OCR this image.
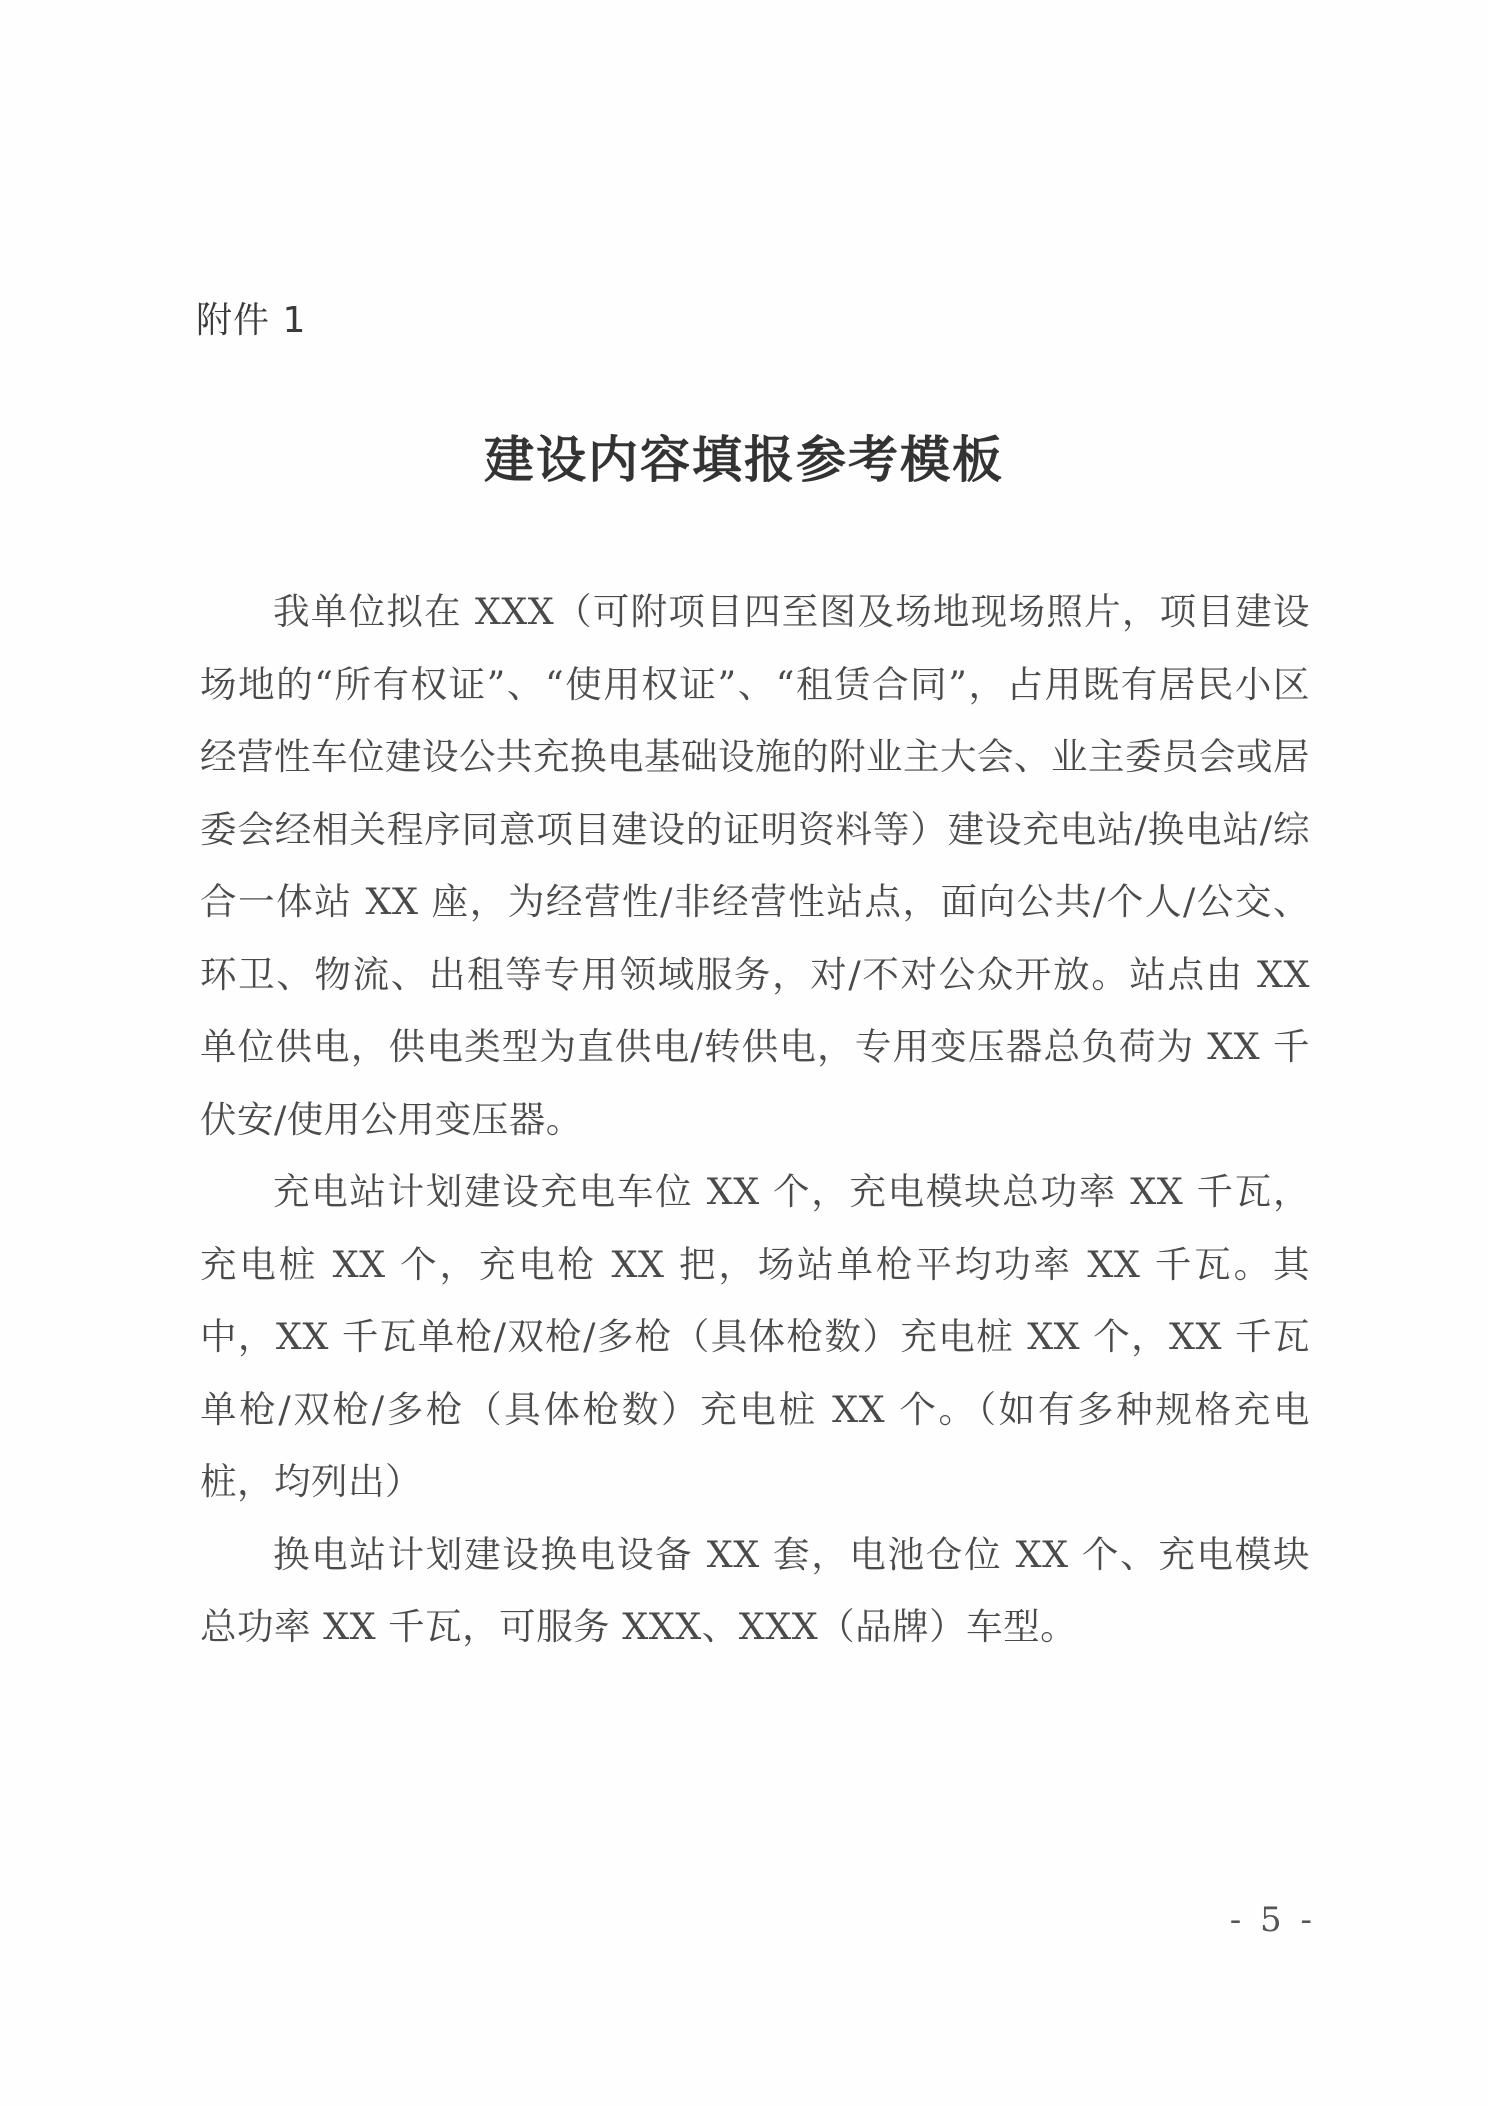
附件 1
建设内容填报参考模板

我单位拟在 XXX（可附项目四至图及场地现场照片，项目建设场地的“所有权证”、“使用权证”、“租赁合同”，占用既有居民小区经营性车位建设公共充换电基础设施的附业主大会、业主委员会或居委会经相关程序同意项目建设的证明资料等）建设充电站/换电站/综合一体站 XX 座，为经营性/非经营性站点，面向公共/个人/公交、环卫、物流、出租等专用领域服务，对/不对公众开放。站点由 XX 单位供电，供电类型为直供电/转供电，专用变压器总负荷为 XX 千伏安/使用公用变压器。

充电站计划建设充电车位 XX 个，充电模块总功率 XX 千瓦，充电桩 XX 个，充电枪 XX 把，场站单枪平均功率 XX 千瓦。其中，XX 千瓦单枪/双枪/多枪（具体枪数）充电桩 XX 个，XX 千瓦单枪/双枪/多枪（具体枪数）充电桩 XX 个。（如有多种规格充电桩，均列出）

换电站计划建设换电设备 XX 套，电池仓位 XX 个、充电模块总功率 XX 千瓦，可服务 XXX、XXX（品牌）车型。

- 5 -
